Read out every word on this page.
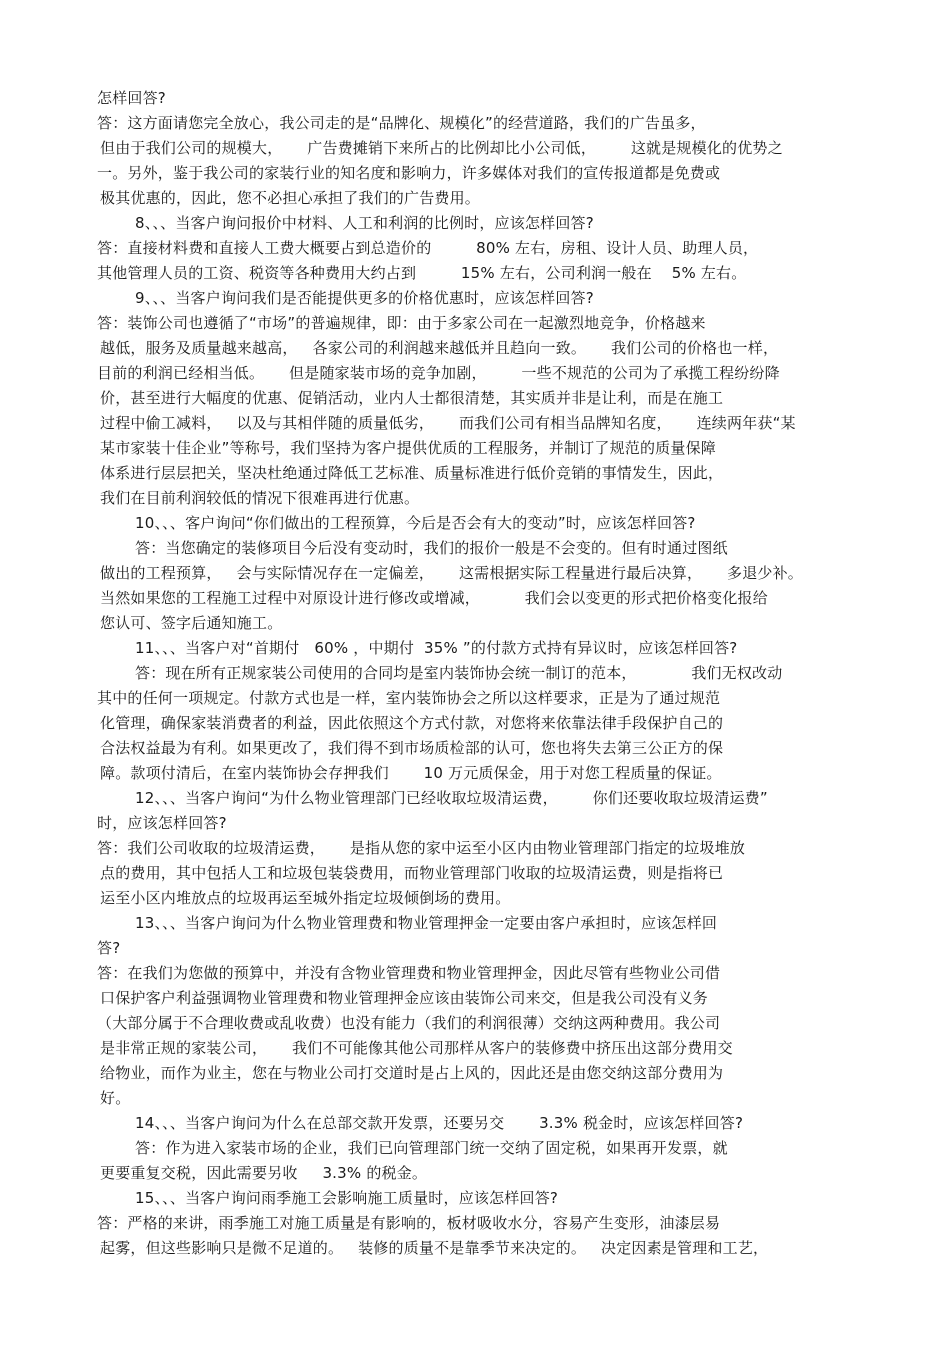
怎样回答?
答：这方面请您完全放心，我公司走的是“品牌化、规模化”的经营道路，我们的广告虽多，
但由于我们公司的规模大，     广告费摊销下来所占的比例却比小公司低，       这就是规模化的优势之
一。另外，鉴于我公司的家装行业的知名度和影响力，许多媒体对我们的宣传报道都是免费或
极其优惠的，因此，您不必担心承担了我们的广告费用。
8、、、当客户询问报价中材料、人工和利润的比例时，应该怎样回答?
答：直接材料费和直接人工费大概要占到总造价的         80% 左右，房租、设计人员、助理人员，
其他管理人员的工资、税资等各种费用大约占到         15% 左右，公司利润一般在    5% 左右。
9、、、当客户询问我们是否能提供更多的价格优惠时，应该怎样回答?
答：装饰公司也遵循了“市场”的普遍规律，即：由于多家公司在一起激烈地竞争，价格越来
越低，服务及质量越来越高，   各家公司的利润越来越低并且趋向一致。     我们公司的价格也一样，
目前的利润已经相当低。     但是随家装市场的竞争加剧，       一些不规范的公司为了承揽工程纷纷降
价，甚至进行大幅度的优惠、促销活动，业内人士都很清楚，其实质并非是让利，而是在施工
过程中偷工减料，   以及与其相伴随的质量低劣，     而我们公司有相当品牌知名度，     连续两年获“某
某市家装十佳企业”等称号，我们坚持为客户提供优质的工程服务，并制订了规范的质量保障
体系进行层层把关，坚决杜绝通过降低工艺标准、质量标准进行低价竞销的事情发生，因此，
我们在目前利润较低的情况下很难再进行优惠。
10、、、客户询问“你们做出的工程预算，今后是否会有大的变动”时，应该怎样回答?
答：当您确定的装修项目今后没有变动时，我们的报价一般是不会变的。但有时通过图纸
做出的工程预算，   会与实际情况存在一定偏差，     这需根据实际工程量进行最后决算，     多退少补。
当然如果您的工程施工过程中对原设计进行修改或增减，         我们会以变更的形式把价格变化报给
您认可、签字后通知施工。
11、、、当客户对“首期付   60% ，中期付  35% ”的付款方式持有异议时，应该怎样回答?
答：现在所有正规家装公司使用的合同均是室内装饰协会统一制订的范本，           我们无权改动
其中的任何一项规定。付款方式也是一样，室内装饰协会之所以这样要求，正是为了通过规范
化管理，确保家装消费者的利益，因此依照这个方式付款，对您将来依靠法律手段保护自己的
合法权益最为有利。如果更改了，我们得不到市场质检部的认可，您也将失去第三公正方的保
障。款项付清后，在室内装饰协会存押我们       10 万元质保金，用于对您工程质量的保证。
12、、、当客户询问“为什么物业管理部门已经收取垃圾清运费，       你们还要收取垃圾清运费”
时，应该怎样回答?
答：我们公司收取的垃圾清运费，     是指从您的家中运至小区内由物业管理部门指定的垃圾堆放
点的费用，其中包括人工和垃圾包装袋费用，而物业管理部门收取的垃圾清运费，则是指将已
运至小区内堆放点的垃圾再运至城外指定垃圾倾倒场的费用。
13、、、当客户询问为什么物业管理费和物业管理押金一定要由客户承担时，应该怎样回
答?
答：在我们为您做的预算中，并没有含物业管理费和物业管理押金，因此尽管有些物业公司借
口保护客户利益强调物业管理费和物业管理押金应该由装饰公司来交，但是我公司没有义务
（大部分属于不合理收费或乱收费）也没有能力（我们的利润很薄）交纳这两种费用。我公司
是非常正规的家装公司，     我们不可能像其他公司那样从客户的装修费中挤压出这部分费用交
给物业，而作为业主，您在与物业公司打交道时是占上风的，因此还是由您交纳这部分费用为
好。
14、、、当客户询问为什么在总部交款开发票，还要另交       3.3% 税金时，应该怎样回答?
答：作为进入家装市场的企业，我们已向管理部门统一交纳了固定税，如果再开发票，就
更要重复交税，因此需要另收     3.3% 的税金。
15、、、当客户询问雨季施工会影响施工质量时，应该怎样回答?
答：严格的来讲，雨季施工对施工质量是有影响的，板材吸收水分，容易产生变形，油漆层易
起雾，但这些影响只是微不足道的。   装修的质量不是靠季节来决定的。   决定因素是管理和工艺，
